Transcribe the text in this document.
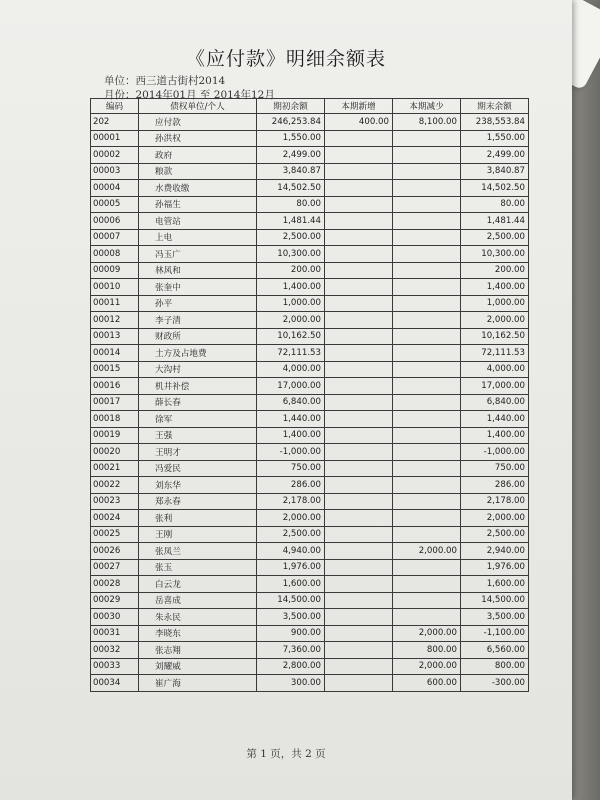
《应付款》明细余额表
单位：西三道古街村2014
月份：2014年01月 至 2014年12月
编码	债权单位/个人	期初余额	本期新增	本期减少	期末余额
202	应付款	246,253.84	400.00	8,100.00	238,553.84
00001	孙洪权	1,550.00			1,550.00
00002	政府	2,499.00			2,499.00
00003	粮款	3,840.87			3,840.87
00004	水费收缴	14,502.50			14,502.50
00005	孙福生	80.00			80.00
00006	电管站	1,481.44			1,481.44
00007	上电	2,500.00			2,500.00
00008	冯玉广	10,300.00			10,300.00
00009	林风和	200.00			200.00
00010	张奎中	1,400.00			1,400.00
00011	孙平	1,000.00			1,000.00
00012	李子清	2,000.00			2,000.00
00013	财政所	10,162.50			10,162.50
00014	土方及占地费	72,111.53			72,111.53
00015	大沟村	4,000.00			4,000.00
00016	机井补偿	17,000.00			17,000.00
00017	薛长春	6,840.00			6,840.00
00018	徐军	1,440.00			1,440.00
00019	王强	1,400.00			1,400.00
00020	王明才	-1,000.00			-1,000.00
00021	冯爱民	750.00			750.00
00022	刘东华	286.00			286.00
00023	郑永春	2,178.00			2,178.00
00024	张利	2,000.00			2,000.00
00025	王刚	2,500.00			2,500.00
00026	张凤兰	4,940.00		2,000.00	2,940.00
00027	张玉	1,976.00			1,976.00
00028	白云龙	1,600.00			1,600.00
00029	岳喜成	14,500.00			14,500.00
00030	朱永民	3,500.00			3,500.00
00031	李晓东	900.00		2,000.00	-1,100.00
00032	张志翔	7,360.00		800.00	6,560.00
00033	刘耀威	2,800.00		2,000.00	800.00
00034	崔广海	300.00		600.00	-300.00
第 1 页，共 2 页
